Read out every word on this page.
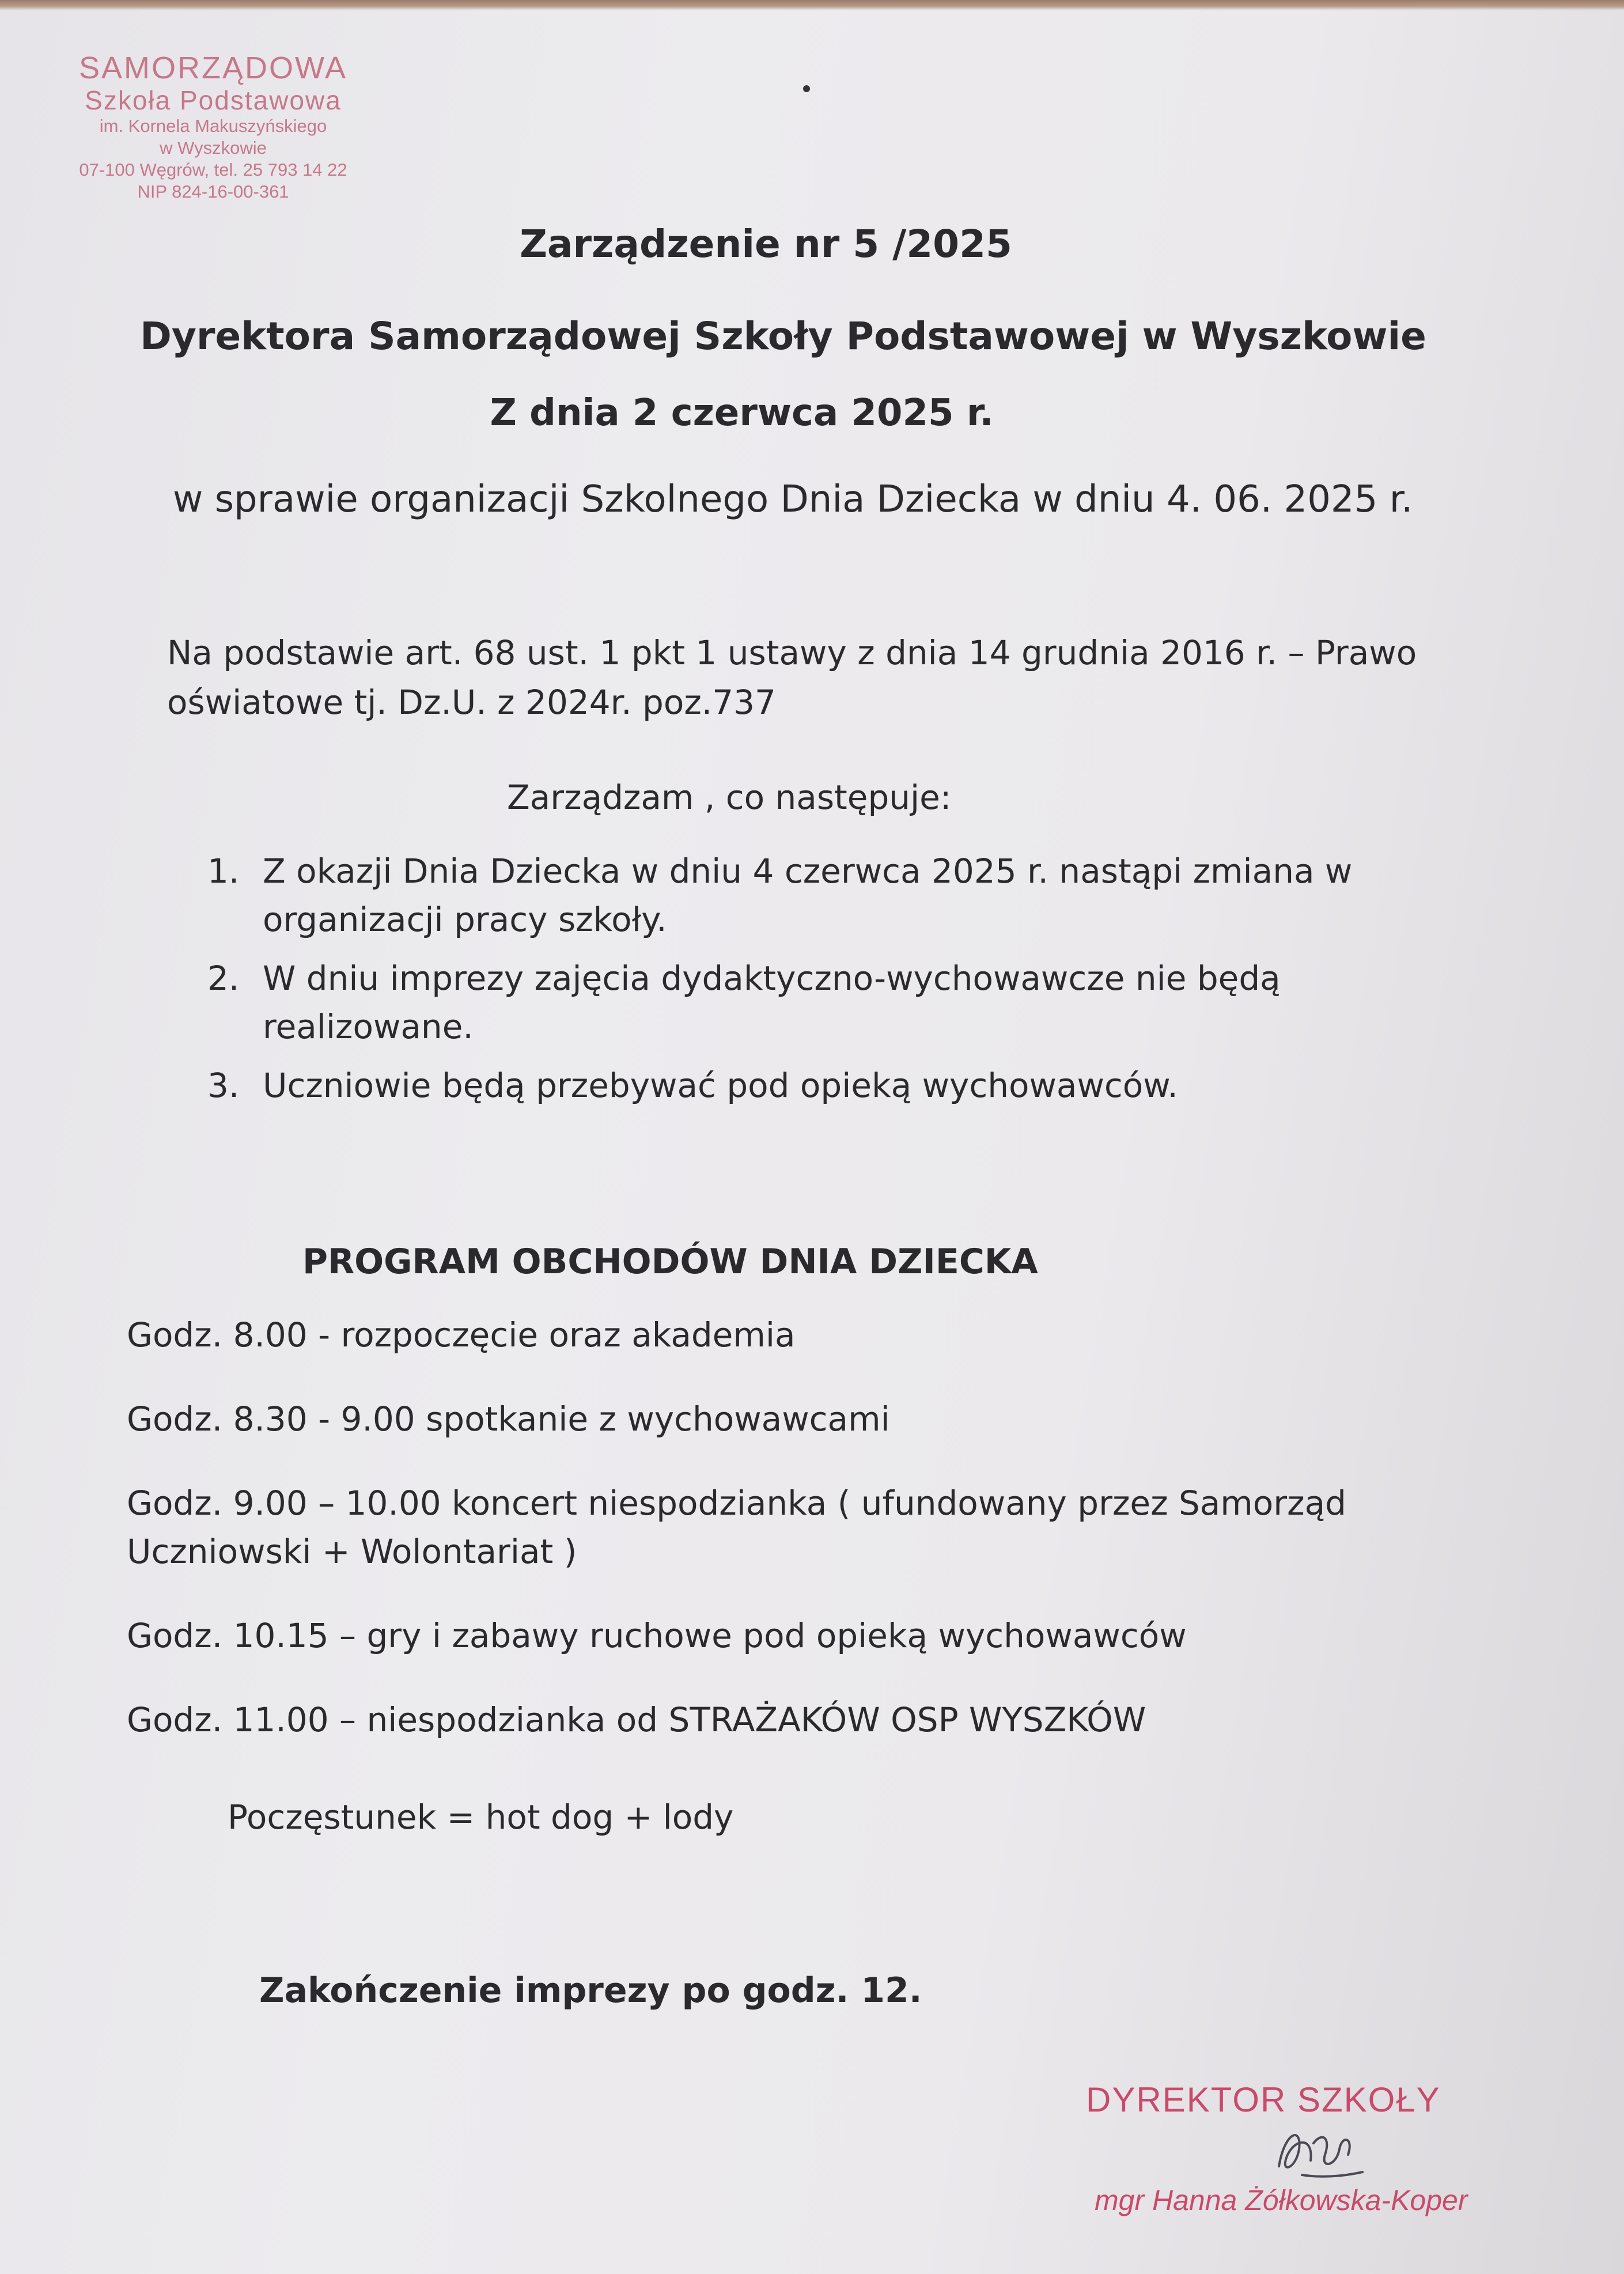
SAMORZĄDOWA
Szkoła Podstawowa
im. Kornela Makuszyńskiego
w Wyszkowie
07-100 Węgrów, tel. 25 793 14 22
NIP 824-16-00-361
Zarządzenie nr 5 /2025
Dyrektora Samorządowej Szkoły Podstawowej w Wyszkowie
Z dnia 2 czerwca 2025 r.
w sprawie organizacji Szkolnego Dnia Dziecka w dniu 4. 06. 2025 r.
Na podstawie art. 68 ust. 1 pkt 1 ustawy z dnia 14 grudnia 2016 r. – Prawo oświatowe tj. Dz.U. z 2024r. poz.737
Zarządzam , co następuje:
1. Z okazji Dnia Dziecka w dniu 4 czerwca 2025 r. nastąpi zmiana w organizacji pracy szkoły.
2. W dniu imprezy zajęcia dydaktyczno-wychowawcze nie będą realizowane.
3. Uczniowie będą przebywać pod opieką wychowawców.
PROGRAM OBCHODÓW DNIA DZIECKA
Godz. 8.00 - rozpoczęcie oraz akademia
Godz. 8.30 - 9.00 spotkanie z wychowawcami
Godz. 9.00 – 10.00 koncert niespodzianka ( ufundowany przez Samorząd Uczniowski + Wolontariat )
Godz. 10.15 – gry i zabawy ruchowe pod opieką wychowawców
Godz. 11.00 – niespodzianka od STRAŻAKÓW OSP WYSZKÓW
Poczęstunek = hot dog + lody
Zakończenie imprezy po godz. 12.
DYREKTOR SZKOŁY
mgr Hanna Żółkowska-Koper
